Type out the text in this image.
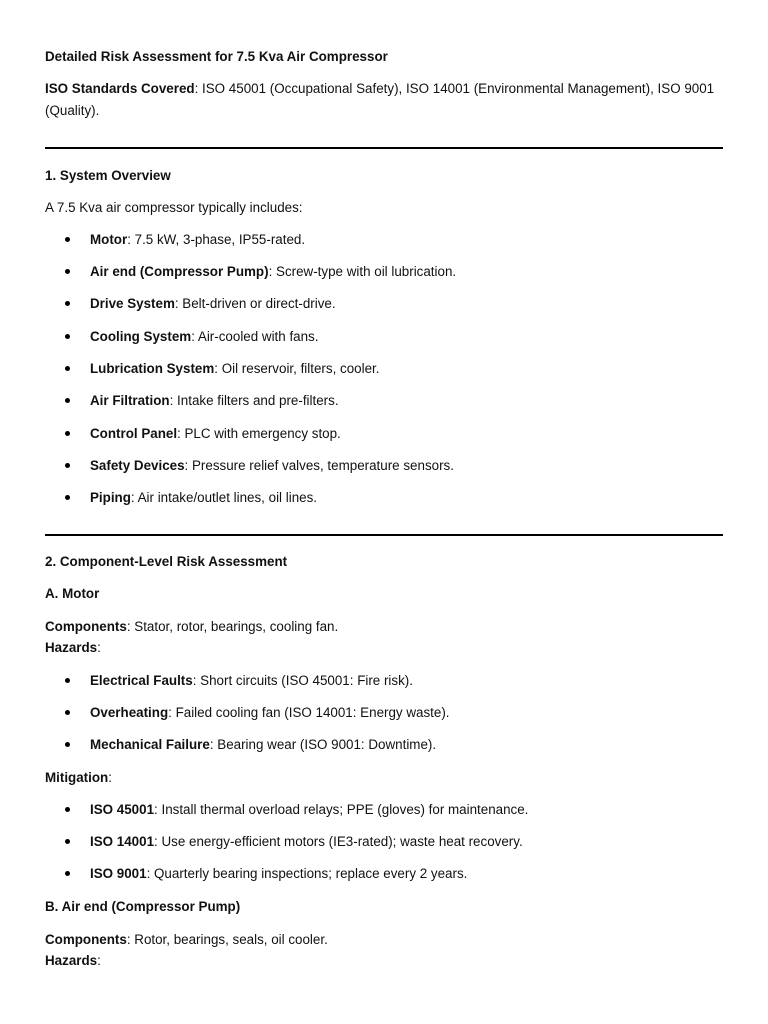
Detailed Risk Assessment for 7.5 Kva Air Compressor

ISO Standards Covered: ISO 45001 (Occupational Safety), ISO 14001 (Environmental Management), ISO 9001 (Quality).

1. System Overview

A 7.5 Kva air compressor typically includes:

Motor: 7.5 kW, 3-phase, IP55-rated.
Air end (Compressor Pump): Screw-type with oil lubrication.
Drive System: Belt-driven or direct-drive.
Cooling System: Air-cooled with fans.
Lubrication System: Oil reservoir, filters, cooler.
Air Filtration: Intake filters and pre-filters.
Control Panel: PLC with emergency stop.
Safety Devices: Pressure relief valves, temperature sensors.
Piping: Air intake/outlet lines, oil lines.

2. Component-Level Risk Assessment

A. Motor

Components: Stator, rotor, bearings, cooling fan.
Hazards:

Electrical Faults: Short circuits (ISO 45001: Fire risk).
Overheating: Failed cooling fan (ISO 14001: Energy waste).
Mechanical Failure: Bearing wear (ISO 9001: Downtime).

Mitigation:

ISO 45001: Install thermal overload relays; PPE (gloves) for maintenance.
ISO 14001: Use energy-efficient motors (IE3-rated); waste heat recovery.
ISO 9001: Quarterly bearing inspections; replace every 2 years.

B. Air end (Compressor Pump)

Components: Rotor, bearings, seals, oil cooler.
Hazards:
